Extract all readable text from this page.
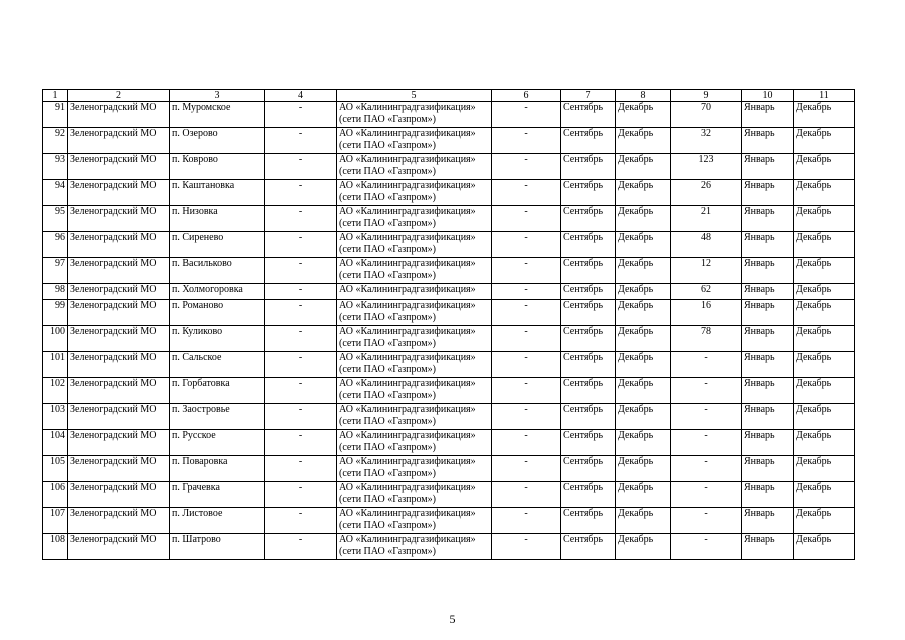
1	2	3	4	5	6	7	8	9	10	11
91	Зеленоградский МО	п. Муромское	-	АО «Калининградгазификация»
(сети ПАО «Газпром»)	-	Сентябрь	Декабрь	70	Январь	Декабрь
92	Зеленоградский МО	п. Озерово	-	АО «Калининградгазификация»
(сети ПАО «Газпром»)	-	Сентябрь	Декабрь	32	Январь	Декабрь
93	Зеленоградский МО	п. Коврово	-	АО «Калининградгазификация»
(сети ПАО «Газпром»)	-	Сентябрь	Декабрь	123	Январь	Декабрь
94	Зеленоградский МО	п. Каштановка	-	АО «Калининградгазификация»
(сети ПАО «Газпром»)	-	Сентябрь	Декабрь	26	Январь	Декабрь
95	Зеленоградский МО	п. Низовка	-	АО «Калининградгазификация»
(сети ПАО «Газпром»)	-	Сентябрь	Декабрь	21	Январь	Декабрь
96	Зеленоградский МО	п. Сиренево	-	АО «Калининградгазификация»
(сети ПАО «Газпром»)	-	Сентябрь	Декабрь	48	Январь	Декабрь
97	Зеленоградский МО	п. Васильково	-	АО «Калининградгазификация»
(сети ПАО «Газпром»)	-	Сентябрь	Декабрь	12	Январь	Декабрь
98	Зеленоградский МО	п. Холмогоровка	-	АО «Калининградгазификация»	-	Сентябрь	Декабрь	62	Январь	Декабрь
99	Зеленоградский МО	п. Романово	-	АО «Калининградгазификация»
(сети ПАО «Газпром»)	-	Сентябрь	Декабрь	16	Январь	Декабрь
100	Зеленоградский МО	п. Куликово	-	АО «Калининградгазификация»
(сети ПАО «Газпром»)	-	Сентябрь	Декабрь	78	Январь	Декабрь
101	Зеленоградский МО	п. Сальское	-	АО «Калининградгазификация»
(сети ПАО «Газпром»)	-	Сентябрь	Декабрь	-	Январь	Декабрь
102	Зеленоградский МО	п. Горбатовка	-	АО «Калининградгазификация»
(сети ПАО «Газпром»)	-	Сентябрь	Декабрь	-	Январь	Декабрь
103	Зеленоградский МО	п. Заостровье	-	АО «Калининградгазификация»
(сети ПАО «Газпром»)	-	Сентябрь	Декабрь	-	Январь	Декабрь
104	Зеленоградский МО	п. Русское	-	АО «Калининградгазификация»
(сети ПАО «Газпром»)	-	Сентябрь	Декабрь	-	Январь	Декабрь
105	Зеленоградский МО	п. Поваровка	-	АО «Калининградгазификация»
(сети ПАО «Газпром»)	-	Сентябрь	Декабрь	-	Январь	Декабрь
106	Зеленоградский МО	п. Грачевка	-	АО «Калининградгазификация»
(сети ПАО «Газпром»)	-	Сентябрь	Декабрь	-	Январь	Декабрь
107	Зеленоградский МО	п. Листовое	-	АО «Калининградгазификация»
(сети ПАО «Газпром»)	-	Сентябрь	Декабрь	-	Январь	Декабрь
108	Зеленоградский МО	п. Шатрово	-	АО «Калининградгазификация»
(сети ПАО «Газпром»)	-	Сентябрь	Декабрь	-	Январь	Декабрь
5
